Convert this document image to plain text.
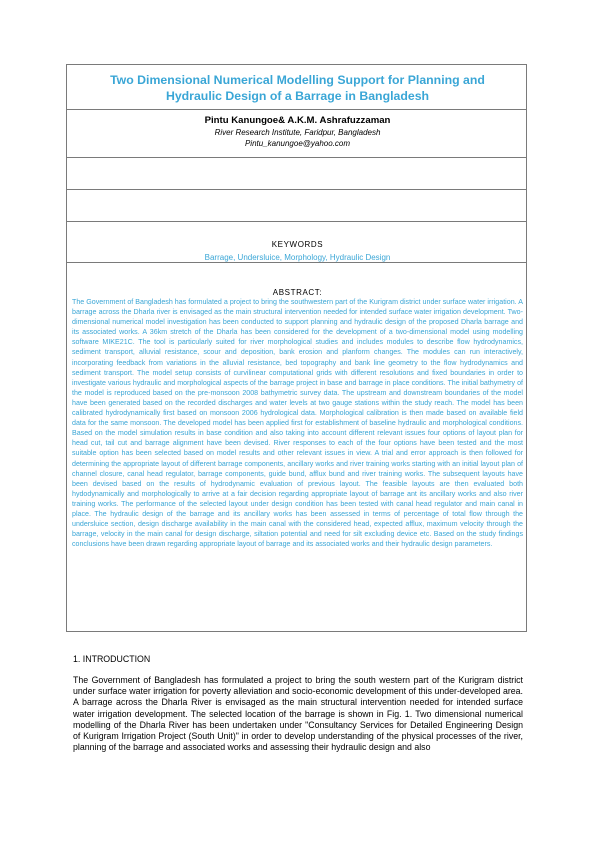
Two Dimensional Numerical Modelling Support for Planning and
Hydraulic Design of a Barrage in Bangladesh
Pintu Kanungoe& A.K.M. Ashrafuzzaman
River Research Institute, Faridpur, Bangladesh
Pintu_kanungoe@yahoo.com
KEYWORDS
Barrage, Undersluice, Morphology, Hydraulic Design
ABSTRACT:
The Government of Bangladesh has formulated a project to bring the southwestern part of the Kurigram district under surface water irrigation. A barrage across the Dharla river is envisaged as the main structural intervention needed for intended surface water irrigation development. Two-dimensional numerical model investigation has been conducted to support planning and hydraulic design of the proposed Dharla barrage and its associated works. A 36km stretch of the Dharla has been considered for the development of a two-dimensional model using modelling software MIKE21C. The tool is particularly suited for river morphological studies and includes modules to describe flow hydrodynamics, sediment transport, alluvial resistance, scour and deposition, bank erosion and planform changes. The modules can run interactively, incorporating feedback from variations in the alluvial resistance, bed topography and bank line geometry to the flow hydrodynamics and sediment transport. The model setup consists of curvilinear computational grids with different resolutions and fixed boundaries in order to investigate various hydraulic and morphological aspects of the barrage project in base and barrage in place conditions. The initial bathymetry of the model is reproduced based on the pre-monsoon 2008 bathymetric survey data. The upstream and downstream boundaries of the model have been generated based on the recorded discharges and water levels at two gauge stations within the study reach. The model has been calibrated hydrodynamically first based on monsoon 2006 hydrological data. Morphological calibration is then made based on available field data for the same monsoon. The developed model has been applied first for establishment of baseline hydraulic and morphological conditions. Based on the model simulation results in base condition and also taking into account different relevant issues four options of layout plan for head cut, tail cut and barrage alignment have been devised. River responses to each of the four options have been tested and the most suitable option has been selected based on model results and other relevant issues in view. A trial and error approach is then followed for determining the appropriate layout of different barrage components, ancillary works and river training works starting with an initial layout plan of channel closure, canal head regulator, barrage components, guide bund, afflux bund and river training works. The subsequent layouts have been devised based on the results of hydrodynamic evaluation of previous layout. The feasible layouts are then evaluated both hydodynamically and morphologically to arrive at a fair decision regarding appropriate layout of barrage ant its ancillary works and also river training works. The performance of the selected layout under design condition has been tested with canal head regulator and main canal in place. The hydraulic design of the barrage and its ancillary works has been assessed in terms of percentage of total flow through the undersluice section, design discharge availability in the main canal with the considered head, expected afflux, maximum velocity through the barrage, velocity in the main canal for design discharge, siltation potential and need for silt excluding device etc. Based on the study findings conclusions have been drawn regarding appropriate layout of barrage and its associated works and their hydraulic design parameters.
1. INTRODUCTION
The Government of Bangladesh has formulated a project to bring the south western part of the Kurigram district under surface water irrigation for poverty alleviation and socio-economic development of this under-developed area. A barrage across the Dharla River is envisaged as the main structural intervention needed for intended surface water irrigation development. The selected location of the barrage is shown in Fig. 1. Two dimensional numerical modelling of the Dharla River has been undertaken under "Consultancy Services for Detailed Engineering Design of Kurigram Irrigation Project (South Unit)" in order to develop understanding of the physical processes of the river, planning of the barrage and associated works and assessing their hydraulic design and also
